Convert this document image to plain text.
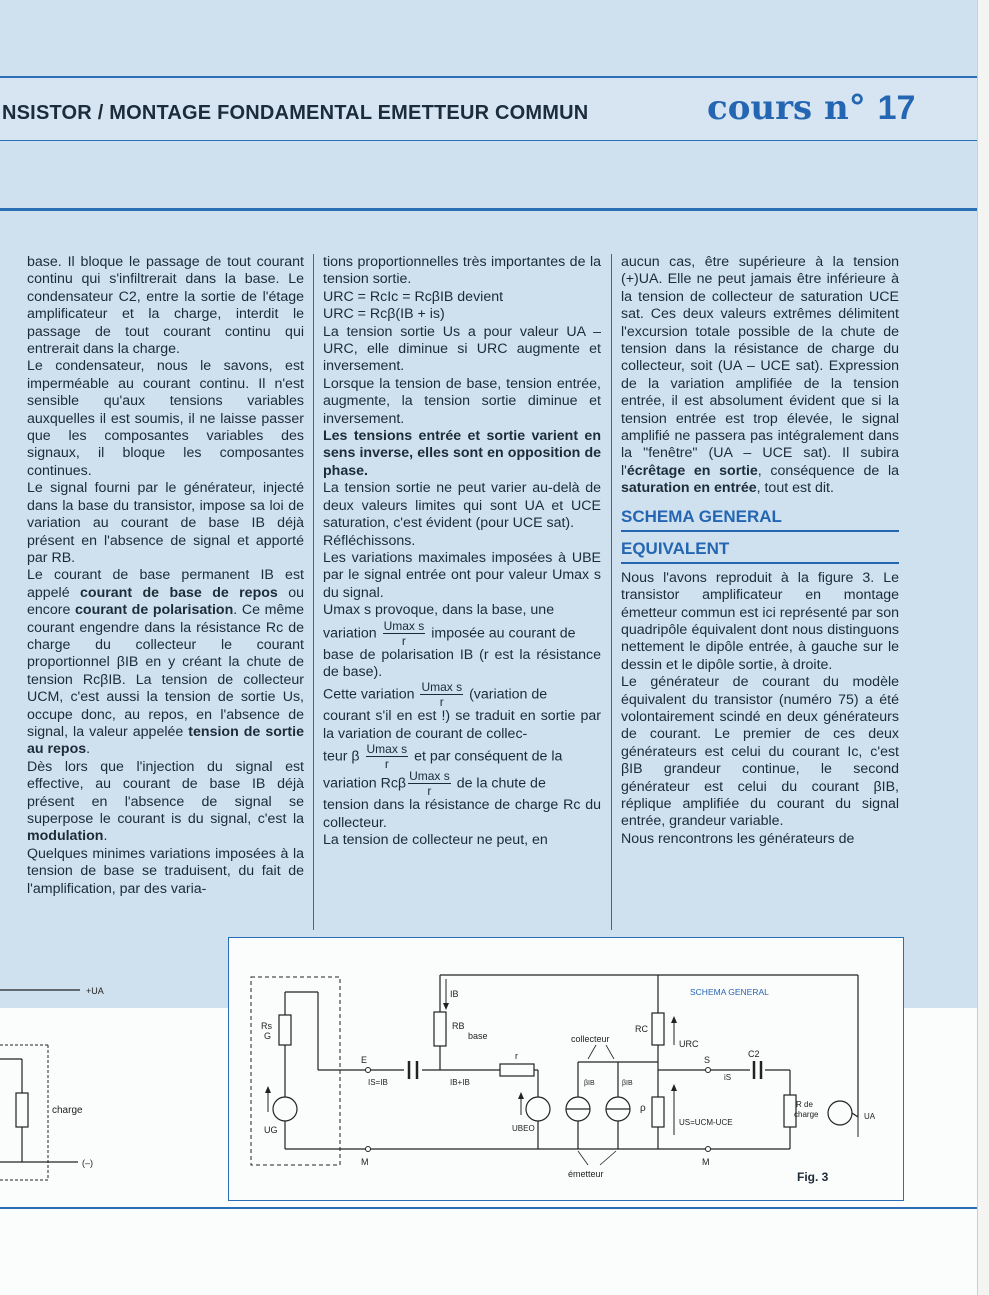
NSISTOR / MONTAGE FONDAMENTAL EMETTEUR COMMUN	cours n° 17

base. Il bloque le passage de tout courant continu qui s'infiltrerait dans la base. Le condensateur C2, entre la sortie de l'étage amplificateur et la charge, interdit le passage de tout courant continu qui entrerait dans la charge.

Le condensateur, nous le savons, est imperméable au courant continu. Il n'est sensible qu'aux tensions variables auxquelles il est soumis, il ne laisse passer que les composantes variables des signaux, il bloque les composantes continues.

Le signal fourni par le générateur, injecté dans la base du transistor, impose sa loi de variation au courant de base IB déjà présent en l'absence de signal et apporté par RB.

Le courant de base permanent IB est appelé courant de base de repos ou encore courant de polarisation. Ce même courant engendre dans la résistance Rc de charge du collecteur le courant proportionnel βIB en y créant la chute de tension RcβIB. La tension de collecteur UCM, c'est aussi la tension de sortie Us, occupe donc, au repos, en l'absence de signal, la valeur appelée tension de sortie au repos.

Dès lors que l'injection du signal est effective, au courant de base IB déjà présent en l'absence de signal se superpose le courant is du signal, c'est la modulation.

Quelques minimes variations imposées à la tension de base se traduisent, du fait de l'amplification, par des varia-

tions proportionnelles très importantes de la tension sortie.

URC = RcIc = RcβIB devient

URC = Rcβ(IB + is)

La tension sortie Us a pour valeur UA – URC, elle diminue si URC augmente et inversement.

Lorsque la tension de base, tension entrée, augmente, la tension sortie diminue et inversement.

Les tensions entrée et sortie varient en sens inverse, elles sont en opposition de phase.

La tension sortie ne peut varier au-delà de deux valeurs limites qui sont UA et UCE saturation, c'est évident (pour UCE sat).

Réfléchissons.

Les variations maximales imposées à UBE par le signal entrée ont pour valeur Umax s du signal.

Umax s provoque, dans la base, une

variation $\frac{\text{Umax s}}{r}$ imposée au courant de

base de polarisation IB (r est la résistance de base).

Cette variation $\frac{\text{Umax s}}{r}$ (variation de

courant s'il en est !) se traduit en sortie par la variation de courant de collec-

teur β $\frac{\text{Umax s}}{r}$ et par conséquent de la

variation Rcβ $\frac{\text{Umax s}}{r}$ de la chute de

tension dans la résistance de charge Rc du collecteur.

La tension de collecteur ne peut, en

aucun cas, être supérieure à la tension (+)UA. Elle ne peut jamais être inférieure à la tension de collecteur de saturation UCE sat. Ces deux valeurs extrêmes délimitent l'excursion totale possible de la chute de tension dans la résistance de charge du collecteur, soit (UA – UCE sat). Expression de la variation amplifiée de la tension entrée, il est absolument évident que si la tension entrée est trop élevée, le signal amplifié ne passera pas intégralement dans la "fenêtre" (UA – UCE sat). Il subira l'écrêtage en sortie, conséquence de la saturation en entrée, tout est dit.

SCHEMA GENERAL
EQUIVALENT

Nous l'avons reproduit à la figure 3. Le transistor amplificateur en montage émetteur commun est ici représenté par son quadripôle équivalent dont nous distinguons nettement le dipôle entrée, à gauche sur le dessin et le dipôle sortie, à droite.

Le générateur de courant du modèle équivalent du transistor (numéro 75) a été volontairement scindé en deux générateurs de courant. Le premier de ces deux générateurs est celui du courant Ic, c'est βIB grandeur continue, le second générateur est celui du courant βIB, réplique amplifiée du courant du signal entrée, grandeur variable.

Nous rencontrons les générateurs de

+UA
charge
(–)
Rs
G
UG
IB
RB
base
E
IS=IB	IB+IB
r
UBEO
βIB	βIB
collecteur
RC
URC
ρ
US=UCM-UCE
S
iS
C2
R de
charge	UA
M	M
émetteur
SCHEMA GENERAL
Fig. 3
